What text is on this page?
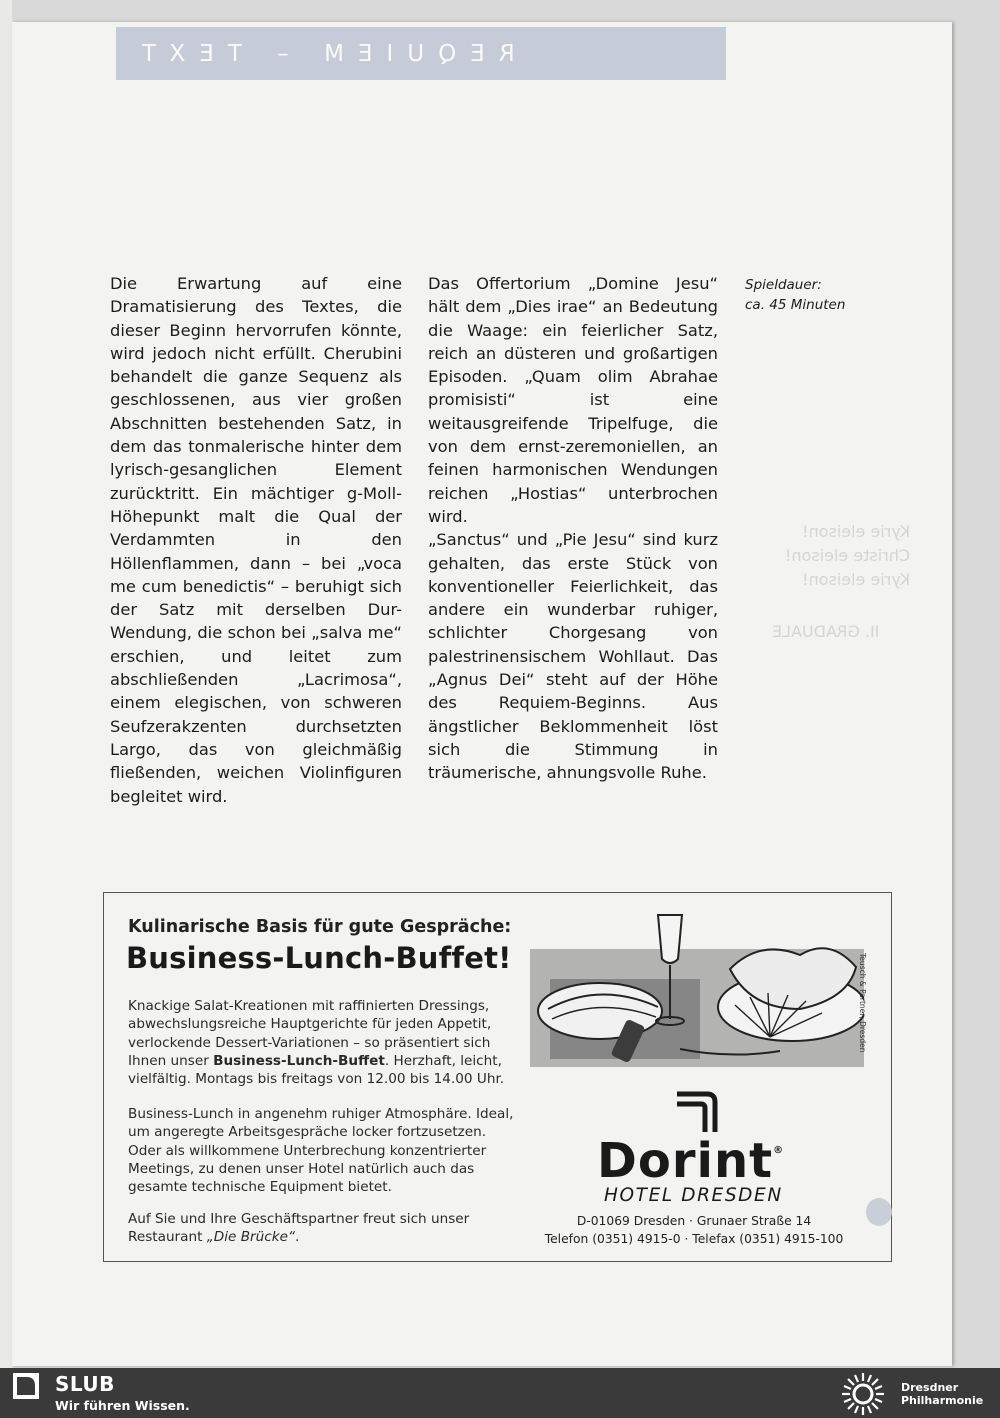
REQUIEM – TEXT
Kyrie eleison!
Christe eleison!
Kyrie eleison!
II. GRADUALE

Die Erwartung auf eine Dramatisierung des Textes, die dieser Beginn hervorrufen könnte, wird jedoch nicht erfüllt. Cherubini behandelt die ganze Sequenz als geschlossenen, aus vier großen Abschnitten bestehenden Satz, in dem das tonmalerische hinter dem lyrisch-gesanglichen Element zurücktritt. Ein mächtiger g-Moll-Höhepunkt malt die Qual der Verdammten in den Höllenflammen, dann – bei „voca me cum benedictis“ – beruhigt sich der Satz mit derselben Dur-Wendung, die schon bei „salva me“ erschien, und leitet zum abschließenden „Lacrimosa“, einem elegischen, von schweren Seufzerakzenten durchsetzten Largo, das von gleichmäßig fließenden, weichen Violinfiguren begleitet wird.

Das Offertorium „Domine Jesu“ hält dem „Dies irae“ an Bedeutung die Waage: ein feierlicher Satz, reich an düsteren und großartigen Episoden. „Quam olim Abrahae promisisti“ ist eine weitausgreifende Tripelfuge, die von dem ernst-zeremoniellen, an feinen harmonischen Wendungen reichen „Hostias“ unterbrochen wird.

„Sanctus“ und „Pie Jesu“ sind kurz gehalten, das erste Stück von konventioneller Feierlichkeit, das andere ein wunderbar ruhiger, schlichter Chorgesang von palestrinensischem Wohllaut. Das „Agnus Dei“ steht auf der Höhe des Requiem-Beginns. Aus ängstlicher Beklommenheit löst sich die Stimmung in träumerische, ahnungsvolle Ruhe.

Spieldauer:
ca. 45 Minuten
Kulinarische Basis für gute Gespräche:
Business-Lunch-Buffet!
Knackige Salat-Kreationen mit raffinierten Dressings, abwechslungsreiche Hauptgerichte für jeden Appetit, verlockende Dessert-Variationen – so präsentiert sich Ihnen unser Business-Lunch-Buffet. Herzhaft, leicht, vielfältig. Montags bis freitags von 12.00 bis 14.00 Uhr.
Business-Lunch in angenehm ruhiger Atmosphäre. Ideal, um angeregte Arbeitsgespräche locker fortzusetzen. Oder als willkommene Unterbrechung konzentrierter Meetings, zu denen unser Hotel natürlich auch das gesamte technische Equipment bietet.
Auf Sie und Ihre Geschäftspartner freut sich unser Restaurant „Die Brücke“.
Teusch & Partner, Dresden
Dorint®
HOTEL DRESDEN
D-01069 Dresden · Grunaer Straße 14
Telefon (0351) 4915-0 · Telefax (0351) 4915-100
SLUB
Wir führen Wissen.
Dresdner
Philharmonie
